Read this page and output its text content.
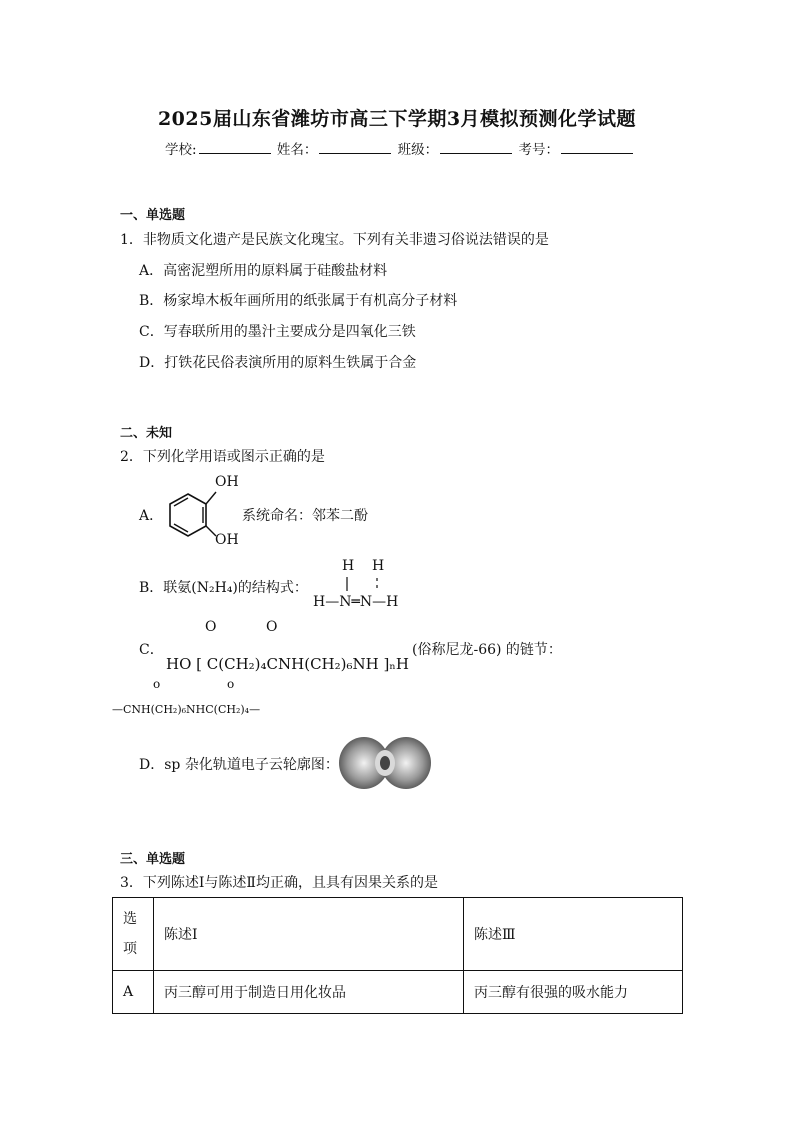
2025届山东省潍坊市高三下学期3月模拟预测化学试题
学校:	姓名：	班级：	考号：
一、单选题
1．非物质文化遗产是民族文化瑰宝。下列有关非遗习俗说法错误的是
A．高密泥塑所用的原料属于硅酸盐材料
B．杨家埠木板年画所用的纸张属于有机高分子材料
C．写春联所用的墨汁主要成分是四氧化三铁
D．打铁花民俗表演所用的原料生铁属于合金
二、未知
2．下列化学用语或图示正确的是
A．
OH
OH
系统命名：邻苯二酚
B．联氨(N₂H₄)的结构式：
H H
H—N═N—H
C．
O	O
HO [ C(CH₂)₄CNH(CH₂)₆NH ]ₙH
o	o
(俗称尼龙-66) 的链节：
—CNH(CH₂)₆NHC(CH₂)₄—
D．sp 杂化轨道电子云轮廓图：
三、单选题
3．下列陈述Ⅰ与陈述Ⅱ均正确，且具有因果关系的是
选项	陈述Ⅰ	陈述Ⅲ
A	丙三醇可用于制造日用化妆品	丙三醇有很强的吸水能力
